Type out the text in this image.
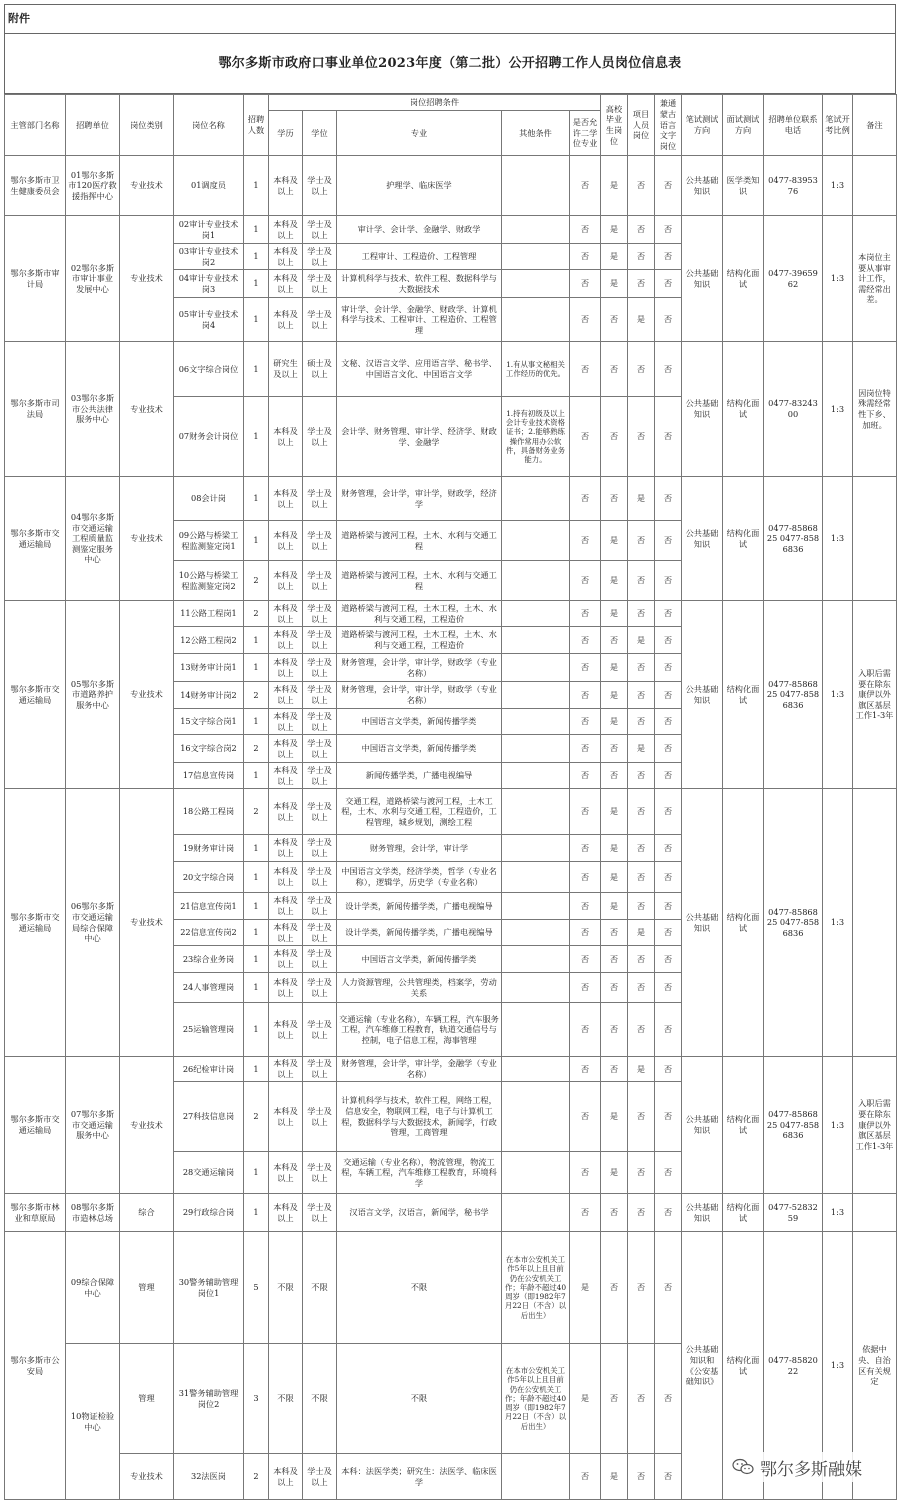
附件
鄂尔多斯市政府口事业单位2023年度（第二批）公开招聘工作人员岗位信息表
主管部门名称	招聘单位	岗位类别	岗位名称	招聘人数	岗位招聘条件					高校毕业生岗位	项目人员岗位	兼通蒙古语言文字岗位	笔试测试方向	面试测试方向	招聘单位联系电话	笔试开考比例	备注
					学历	学位	专业	其他条件	是否允许二学位专业								
鄂尔多斯市卫生健康委员会	01鄂尔多斯市120医疗救援指挥中心	专业技术	01调度员	1	本科及以上	学士及以上	护理学、临床医学		否	是	否	否	公共基础知识	医学类知识	0477-8395376	1:3	
鄂尔多斯市审计局	02鄂尔多斯市审计事业发展中心	专业技术	02审计专业技术岗1	1	本科及以上	学士及以上	审计学、会计学、金融学、财政学		否	是	否	否	公共基础知识	结构化面试	0477-3965962	1:3	本岗位主要从事审计工作，需经常出差。
			03审计专业技术岗2	1	本科及以上	学士及以上	工程审计、工程造价、工程管理		否	是	否	否					
			04审计专业技术岗3	1	本科及以上	学士及以上	计算机科学与技术、软件工程、数据科学与大数据技术		否	是	否	否					
			05审计专业技术岗4	1	本科及以上	学士及以上	审计学、会计学、金融学、财政学、计算机科学与技术、工程审计、工程造价、工程管理		否	否	是	否					
鄂尔多斯市司法局	03鄂尔多斯市公共法律服务中心	专业技术	06文字综合岗位	1	研究生及以上	硕士及以上	文秘、汉语言文学、应用语言学、秘书学、中国语言文化、中国语言文学	1.有从事文秘相关工作经历的优先。	否	否	否	否	公共基础知识	结构化面试	0477-8324300	1:3	因岗位特殊需经常性下乡、加班。
			07财务会计岗位	1	本科及以上	学士及以上	会计学、财务管理、审计学、经济学、财政学、金融学	1.持有初级及以上会计专业技术资格证书；2.能够熟练操作常用办公软件，具备财务业务能力。	否	否	否	否					
鄂尔多斯市交通运输局	04鄂尔多斯市交通运输工程质量监测鉴定服务中心	专业技术	08会计岗	1	本科及以上	学士及以上	财务管理，会计学，审计学，财政学，经济学		否	否	是	否	公共基础知识	结构化面试	0477-8586825 0477-8586836	1:3	
			09公路与桥梁工程监测鉴定岗1	1	本科及以上	学士及以上	道路桥梁与渡河工程，土木、水利与交通工程		否	是	否	否					
			10公路与桥梁工程监测鉴定岗2	2	本科及以上	学士及以上	道路桥梁与渡河工程，土木、水利与交通工程		否	是	否	否					
鄂尔多斯市交通运输局	05鄂尔多斯市道路养护服务中心	专业技术	11公路工程岗1	2	本科及以上	学士及以上	道路桥梁与渡河工程，土木工程，土木、水利与交通工程，工程造价		否	是	否	否	公共基础知识	结构化面试	0477-8586825 0477-8586836	1:3	入职后需要在除东康伊以外旗区基层工作1-3年
			12公路工程岗2	1	本科及以上	学士及以上	道路桥梁与渡河工程，土木工程，土木、水利与交通工程，工程造价		否	否	是	否					
			13财务审计岗1	1	本科及以上	学士及以上	财务管理，会计学，审计学，财政学（专业名称）		否	是	否	否					
			14财务审计岗2	2	本科及以上	学士及以上	财务管理，会计学，审计学，财政学（专业名称）		否	是	否	否					
			15文字综合岗1	1	本科及以上	学士及以上	中国语言文学类，新闻传播学类		否	是	否	否					
			16文字综合岗2	2	本科及以上	学士及以上	中国语言文学类，新闻传播学类		否	否	是	否					
			17信息宣传岗	1	本科及以上	学士及以上	新闻传播学类，广播电视编导		否	否	否	否					
鄂尔多斯市交通运输局	06鄂尔多斯市交通运输局综合保障中心	专业技术	18公路工程岗	2	本科及以上	学士及以上	交通工程，道路桥梁与渡河工程，土木工程，土木、水利与交通工程，工程造价，工程管理，城乡规划，测绘工程		否	是	否	否	公共基础知识	结构化面试	0477-8586825 0477-8586836	1:3	
			19财务审计岗	1	本科及以上	学士及以上	财务管理，会计学，审计学		否	是	否	否					
			20文字综合岗	1	本科及以上	学士及以上	中国语言文学类，经济学类，哲学（专业名称），逻辑学，历史学（专业名称）		否	是	否	否					
			21信息宣传岗1	1	本科及以上	学士及以上	设计学类，新闻传播学类，广播电视编导		否	是	否	否					
			22信息宣传岗2	1	本科及以上	学士及以上	设计学类，新闻传播学类，广播电视编导		否	否	是	否					
			23综合业务岗	1	本科及以上	学士及以上	中国语言文学类，新闻传播学类		否	否	否	否					
			24人事管理岗	1	本科及以上	学士及以上	人力资源管理，公共管理类，档案学，劳动关系		否	否	否	否					
			25运输管理岗	1	本科及以上	学士及以上	交通运输（专业名称），车辆工程，汽车服务工程，汽车维修工程教育，轨道交通信号与控制，电子信息工程，海事管理		否	否	否	否					
鄂尔多斯市交通运输局	07鄂尔多斯市交通运输服务中心	专业技术	26纪检审计岗	1	本科及以上	学士及以上	财务管理，会计学，审计学，金融学（专业名称）		否	否	是	否	公共基础知识	结构化面试	0477-8586825 0477-8586836	1:3	入职后需要在除东康伊以外旗区基层工作1-3年
			27科技信息岗	2	本科及以上	学士及以上	计算机科学与技术，软件工程，网络工程，信息安全，物联网工程，电子与计算机工程，数据科学与大数据技术，新闻学，行政管理，工商管理		否	是	否	否					
			28交通运输岗	1	本科及以上	学士及以上	交通运输（专业名称），物流管理，物流工程，车辆工程，汽车维修工程教育，环境科学		否	是	否	否					
鄂尔多斯市林业和草原局	08鄂尔多斯市造林总场	综合	29行政综合岗	1	本科及以上	学士及以上	汉语言文学，汉语言，新闻学，秘书学		否	否	否	否	公共基础知识	结构化面试	0477-5283259	1:3	
鄂尔多斯市公安局	09综合保障中心	管理	30警务辅助管理岗位1	5	不限	不限	不限	在本市公安机关工作5年以上且目前仍在公安机关工作；年龄不超过40周岁（即1982年7月22日（不含）以后出生）	是	否	否	否	公共基础知识和《公安基础知识》	结构化面试	0477-8582022	1:3	依据中央、自治区有关规定
	10物证检验中心	管理	31警务辅助管理岗位2	3	不限	不限	不限	在本市公安机关工作5年以上且目前仍在公安机关工作；年龄不超过40周岁（即1982年7月22日（不含）以后出生）	是	否	否	否					
		专业技术	32法医岗	2	本科及以上	学士及以上	本科：法医学类；研究生：法医学、临床医学		否	是	否	否						鄂尔多斯融媒
